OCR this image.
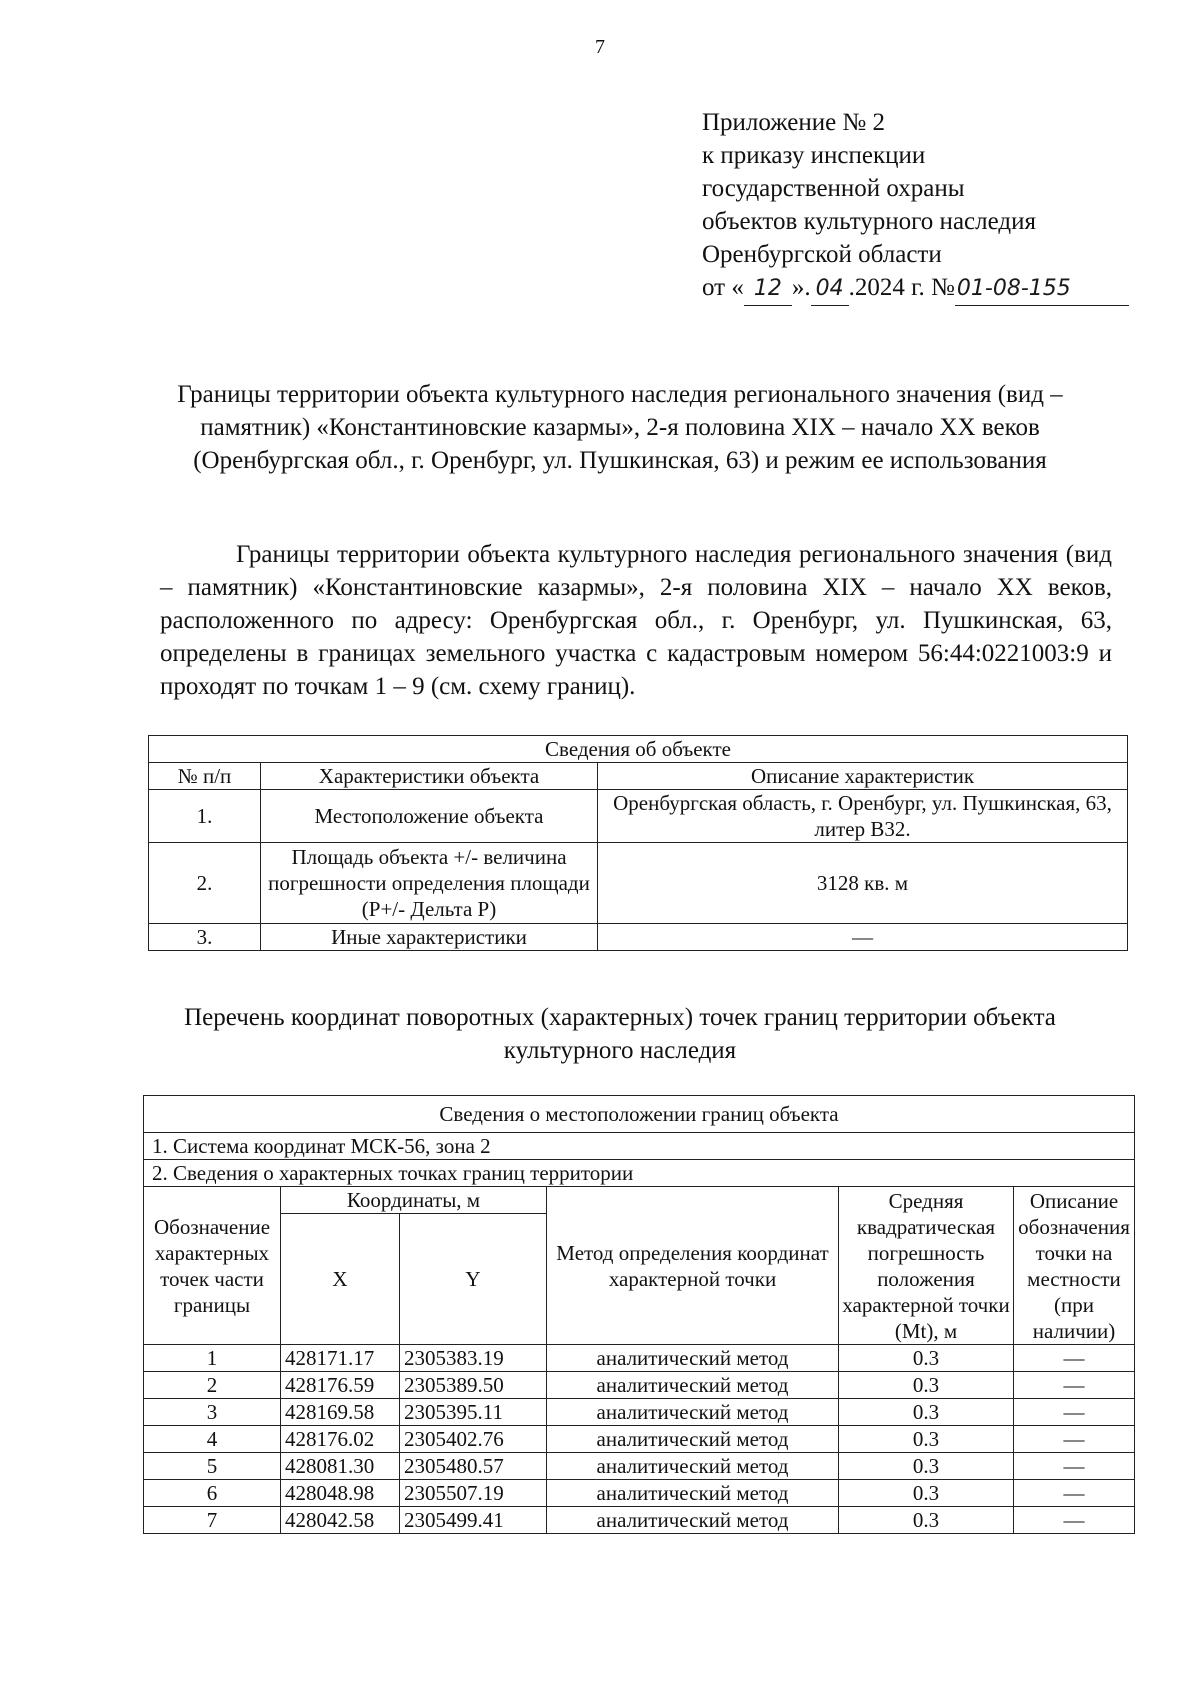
7
Приложение № 2
к приказу инспекции
государственной охраны
объектов культурного наследия
Оренбургской области
от « 12 ». 04 .2024 г. №01-08-155
Границы территории объекта культурного наследия регионального значения (вид – памятник) «Константиновские казармы», 2-я половина XIX – начало XX веков (Оренбургская обл., г. Оренбург, ул. Пушкинская, 63) и режим ее использования
Границы территории объекта культурного наследия регионального значения (вид – памятник) «Константиновские казармы», 2-я половина XIX – начало XX веков, расположенного по адресу: Оренбургская обл., г. Оренбург, ул. Пушкинская, 63, определены в границах земельного участка с кадастровым номером 56:44:0221003:9 и проходят по точкам 1 – 9 (см. схему границ).
Сведения об объекте		
№ п/п	Характеристики объекта	Описание характеристик
1.	Местоположение объекта	Оренбургская область, г. Оренбург, ул. Пушкинская, 63, литер В32.
2.	Площадь объекта +/- величина погрешности определения площади (Р+/- Дельта Р)	3128 кв. м
3.	Иные характеристики	—
Перечень координат поворотных (характерных) точек границ территории объекта культурного наследия
Сведения о местоположении границ объекта					
1. Система координат МСК-56, зона 2					
2. Сведения о характерных точках границ территории					
Обозначение характерных точек части границы	Координаты, м		Метод определения координат характерной точки	Средняя квадратическая погрешность положения характерной точки (Mt), м	Описание обозначения точки на местности (при наличии)
	X	Y			
1	428171.17	2305383.19	аналитический метод	0.3	—
2	428176.59	2305389.50	аналитический метод	0.3	—
3	428169.58	2305395.11	аналитический метод	0.3	—
4	428176.02	2305402.76	аналитический метод	0.3	—
5	428081.30	2305480.57	аналитический метод	0.3	—
6	428048.98	2305507.19	аналитический метод	0.3	—
7	428042.58	2305499.41	аналитический метод	0.3	—
